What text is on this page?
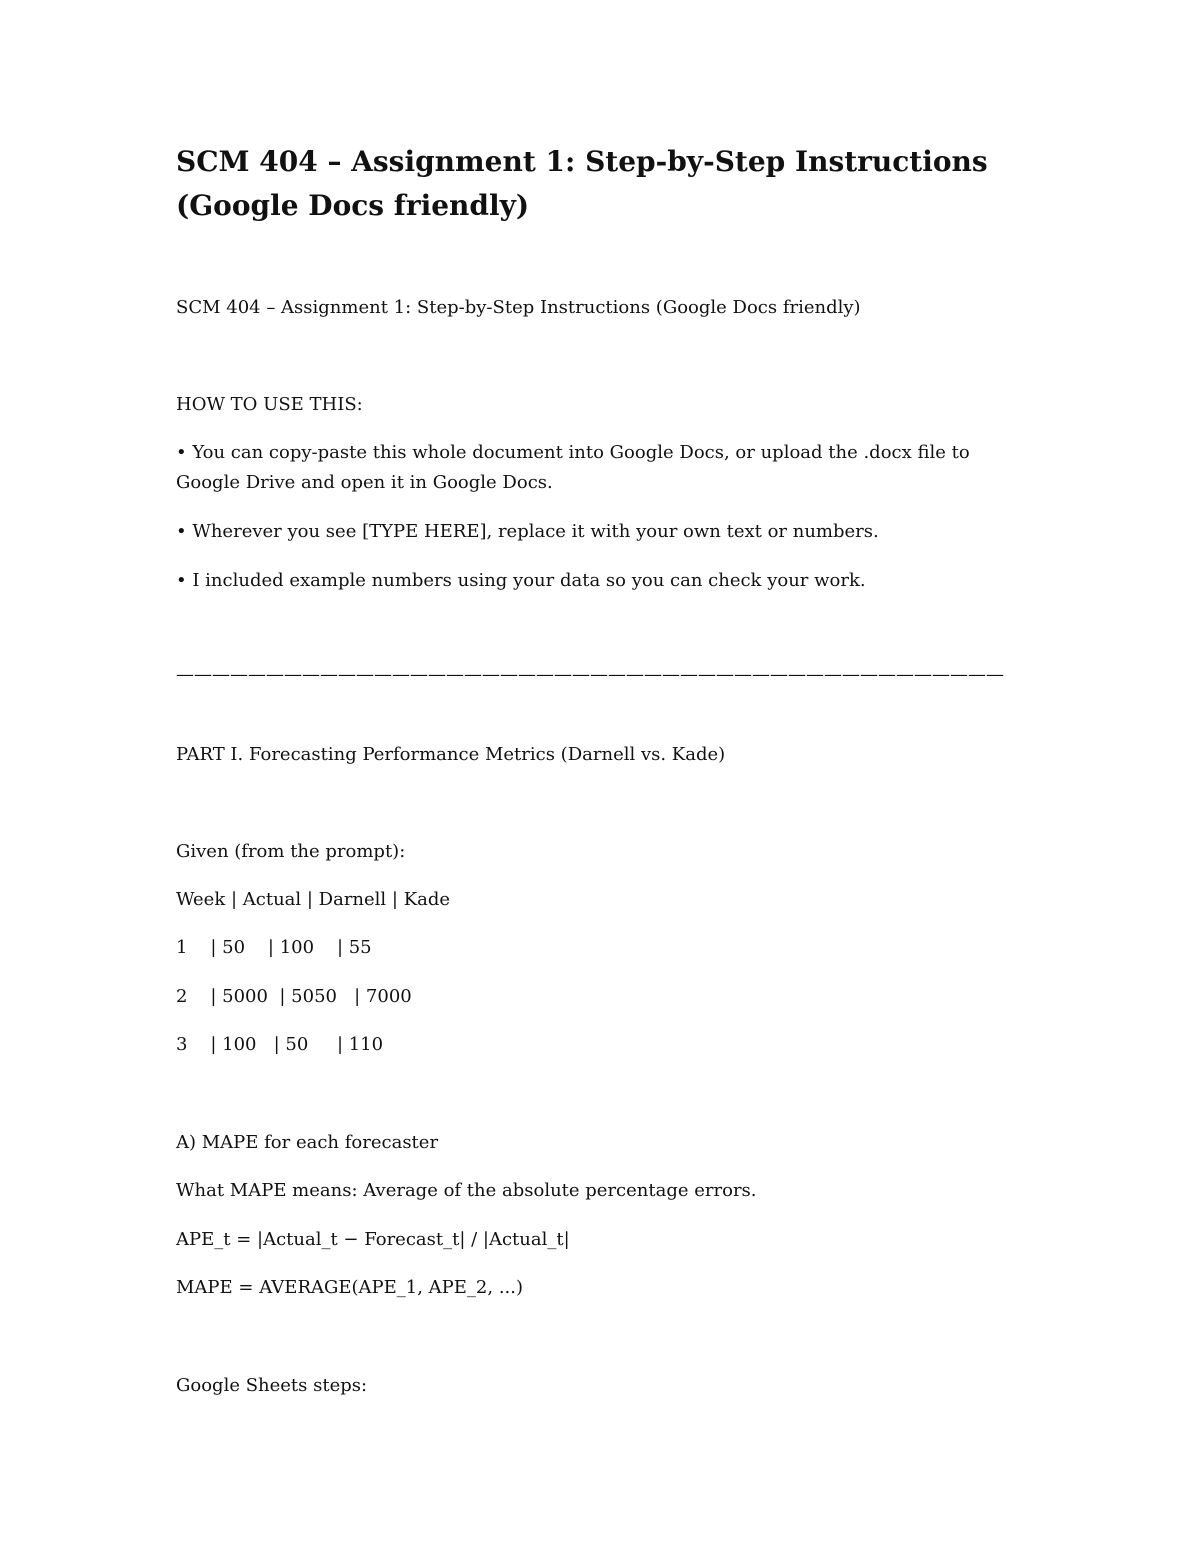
SCM 404 – Assignment 1: Step-by-Step Instructions (Google Docs friendly)

SCM 404 – Assignment 1: Step-by-Step Instructions (Google Docs friendly)

HOW TO USE THIS:

• You can copy-paste this whole document into Google Docs, or upload the .docx file to Google Drive and open it in Google Docs.

• Wherever you see [TYPE HERE], replace it with your own text or numbers.

• I included example numbers using your data so you can check your work.

——————————————————————————————————————————————

PART I. Forecasting Performance Metrics (Darnell vs. Kade)

Given (from the prompt):

Week | Actual | Darnell | Kade

1    | 50    | 100    | 55

2    | 5000  | 5050   | 7000

3    | 100   | 50     | 110

A) MAPE for each forecaster

What MAPE means: Average of the absolute percentage errors.

APE_t = |Actual_t − Forecast_t| / |Actual_t|

MAPE = AVERAGE(APE_1, APE_2, ...)

Google Sheets steps:
